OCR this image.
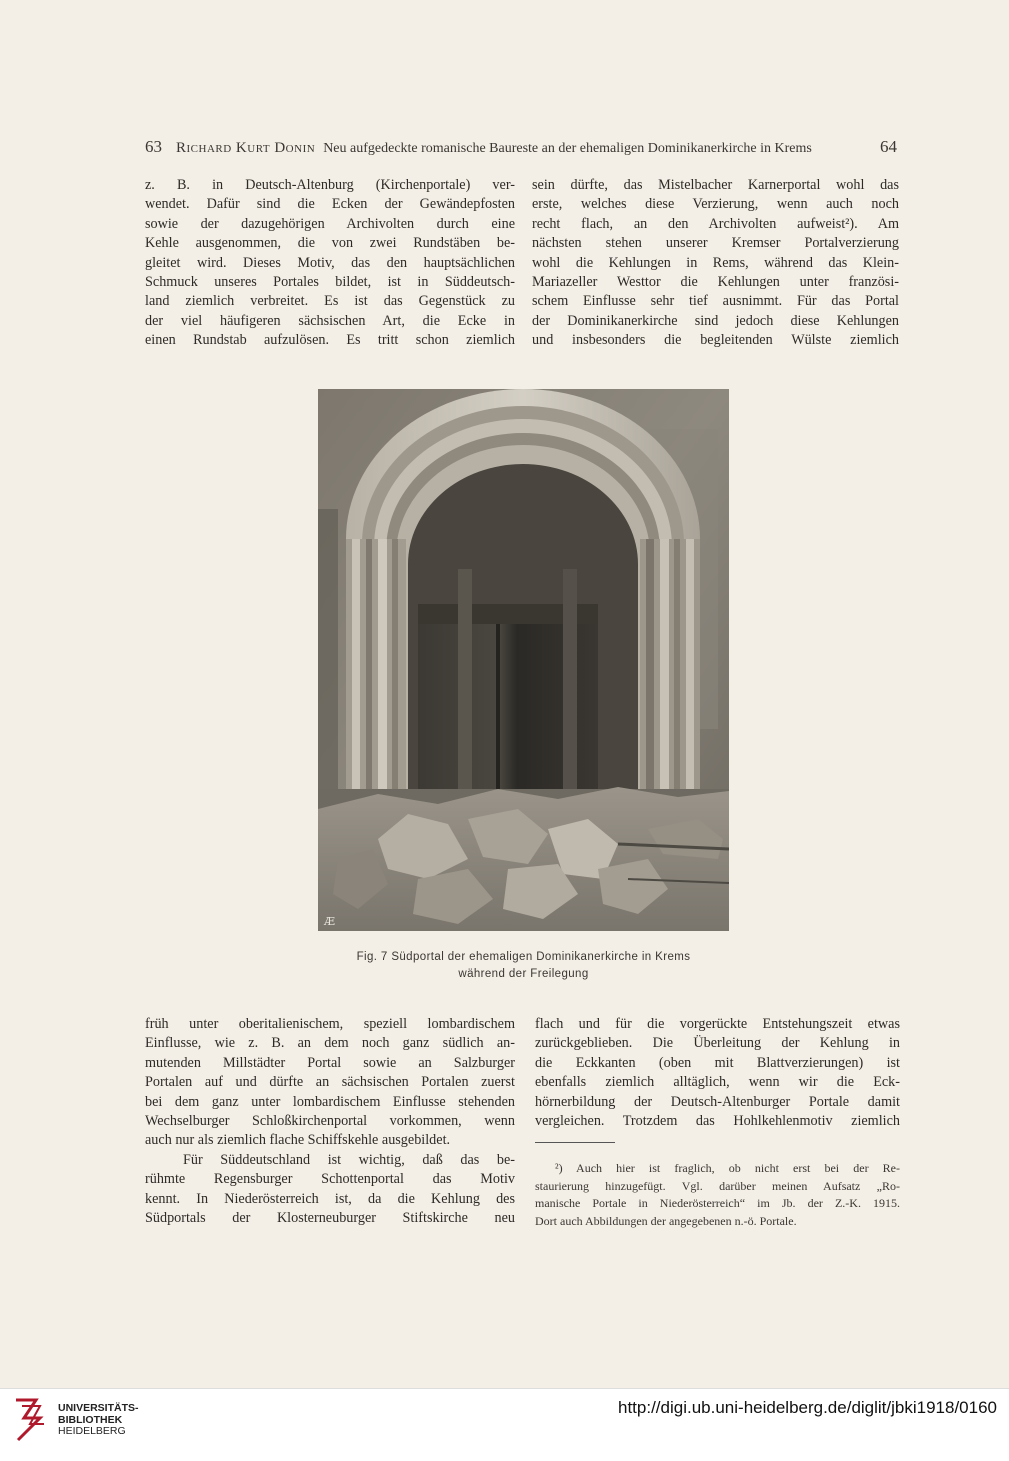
63 Richard Kurt Donin Neu aufgedeckte romanische Baureste an der ehemaligen Dominikanerkirche in Krems	64
z. B. in Deutsch-Altenburg (Kirchenportale) ver-
wendet. Dafür sind die Ecken der Gewändepfosten
sowie der dazugehörigen Archivolten durch eine
Kehle ausgenommen, die von zwei Rundstäben be-
gleitet wird. Dieses Motiv, das den hauptsächlichen
Schmuck unseres Portales bildet, ist in Süddeutsch-
land ziemlich verbreitet. Es ist das Gegenstück zu
der viel häufigeren sächsischen Art, die Ecke in
einen Rundstab aufzulösen. Es tritt schon ziemlich
sein dürfte, das Mistelbacher Karnerportal wohl das
erste, welches diese Verzierung, wenn auch noch
recht flach, an den Archivolten aufweist²). Am
nächsten stehen unserer Kremser Portalverzierung
wohl die Kehlungen in Rems, während das Klein-
Mariazeller Westtor die Kehlungen unter französi-
schem Einflusse sehr tief ausnimmt. Für das Portal
der Dominikanerkirche sind jedoch diese Kehlungen
und insbesonders die begleitenden Wülste ziemlich
Æ
Fig. 7 Südportal der ehemaligen Dominikanerkirche in Krems
während der Freilegung
früh unter oberitalienischem, speziell lombardischem
Einflusse, wie z. B. an dem noch ganz südlich an-
mutenden Millstädter Portal sowie an Salzburger
Portalen auf und dürfte an sächsischen Portalen zuerst
bei dem ganz unter lombardischem Einflusse stehenden
Wechselburger Schloßkirchenportal vorkommen, wenn
auch nur als ziemlich flache Schiffskehle ausgebildet.
Für Süddeutschland ist wichtig, daß das be-
rühmte Regensburger Schottenportal das Motiv
kennt. In Niederösterreich ist, da die Kehlung des
Südportals der Klosterneuburger Stiftskirche neu
flach und für die vorgerückte Entstehungszeit etwas
zurückgeblieben. Die Überleitung der Kehlung in
die Eckkanten (oben mit Blattverzierungen) ist
ebenfalls ziemlich alltäglich, wenn wir die Eck-
hörnerbildung der Deutsch-Altenburger Portale damit
vergleichen. Trotzdem das Hohlkehlenmotiv ziemlich
²) Auch hier ist fraglich, ob nicht erst bei der Re-
staurierung hinzugefügt. Vgl. darüber meinen Aufsatz „Ro-
manische Portale in Niederösterreich“ im Jb. der Z.-K. 1915.
Dort auch Abbildungen der angegebenen n.-ö. Portale.
UNIVERSITÄTS-
BIBLIOTHEK
HEIDELBERG
http://digi.ub.uni-heidelberg.de/diglit/jbki1918/0160
